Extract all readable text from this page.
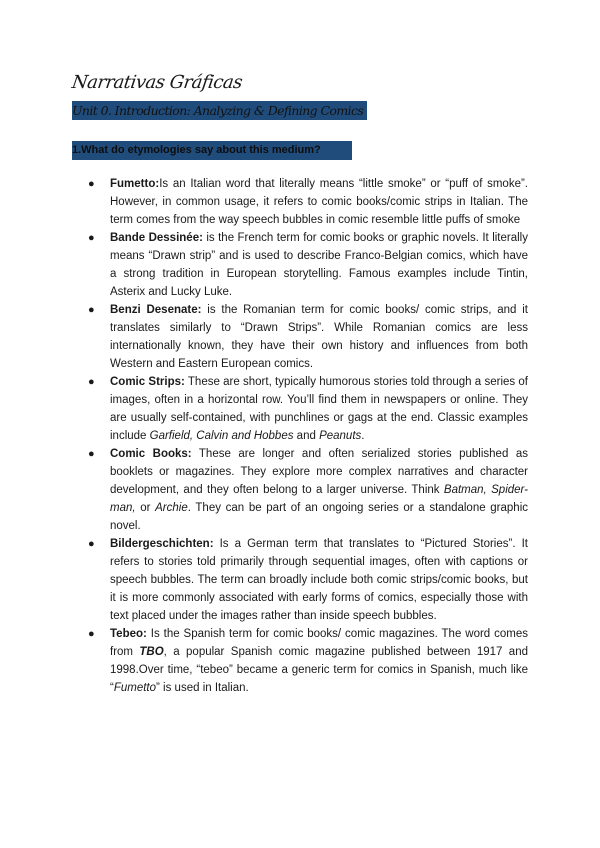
Narrativas Gráficas
Unit 0. Introduction: Analyzing & Defining Comics
1.What do etymologies say about this medium?
● Fumetto:Is an Italian word that literally means “little smoke” or “puff of smoke”. However, in common usage, it refers to comic books/comic strips in Italian. The term comes from the way speech bubbles in comic resemble little puffs of smoke
● Bande Dessinée: is the French term for comic books or graphic novels. It literally means “Drawn strip” and is used to describe Franco-Belgian comics, which have a strong tradition in European storytelling. Famous examples include Tintin, Asterix and Lucky Luke.
● Benzi Desenate: is the Romanian term for comic books/ comic strips, and it translates similarly to “Drawn Strips”. While Romanian comics are less internationally known, they have their own history and influences from both Western and Eastern European comics.
● Comic Strips: These are short, typically humorous stories told through a series of images, often in a horizontal row. You’ll find them in newspapers or online. They are usually self-contained, with punchlines or gags at the end. Classic examples include Garfield, Calvin and Hobbes and Peanuts.
● Comic Books: These are longer and often serialized stories published as booklets or magazines. They explore more complex narratives and character development, and they often belong to a larger universe. Think Batman, Spider-man, or Archie. They can be part of an ongoing series or a standalone graphic novel.
● Bildergeschichten: Is a German term that translates to “Pictured Stories”. It refers to stories told primarily through sequential images, often with captions or speech bubbles. The term can broadly include both comic strips/comic books, but it is more commonly associated with early forms of comics, especially those with text placed under the images rather than inside speech bubbles.
● Tebeo: Is the Spanish term for comic books/ comic magazines. The word comes from TBO, a popular Spanish comic magazine published between 1917 and 1998.Over time, “tebeo” became a generic term for comics in Spanish, much like “Fumetto” is used in Italian.
